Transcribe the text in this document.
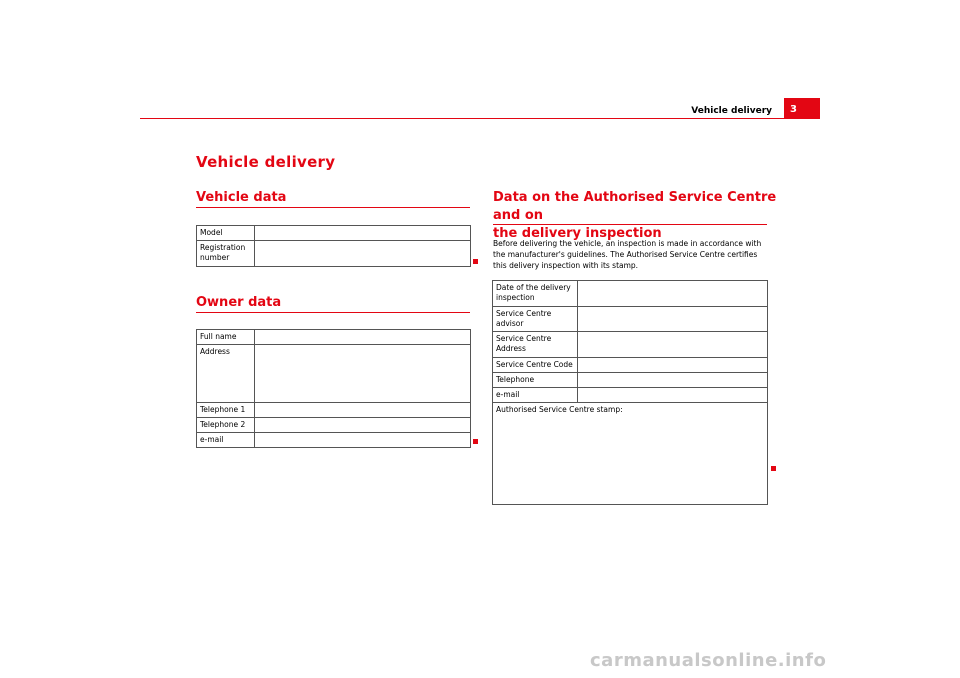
Vehicle delivery	3
Vehicle delivery
Vehicle data
Model	
Registration number	
Owner data
Full name	
Address	
Telephone 1	
Telephone 2	
e-mail	
Data on the Authorised Service Centre and on
the delivery inspection
Before delivering the vehicle, an inspection is made in accordance with the manufacturer's guidelines. The Authorised Service Centre certifies this delivery inspection with its stamp.
Date of the delivery inspection	
Service Centre advisor	
Service Centre Address	
Service Centre Code	
Telephone	
e-mail	
Authorised Service Centre stamp:	
carmanualsonline.info
